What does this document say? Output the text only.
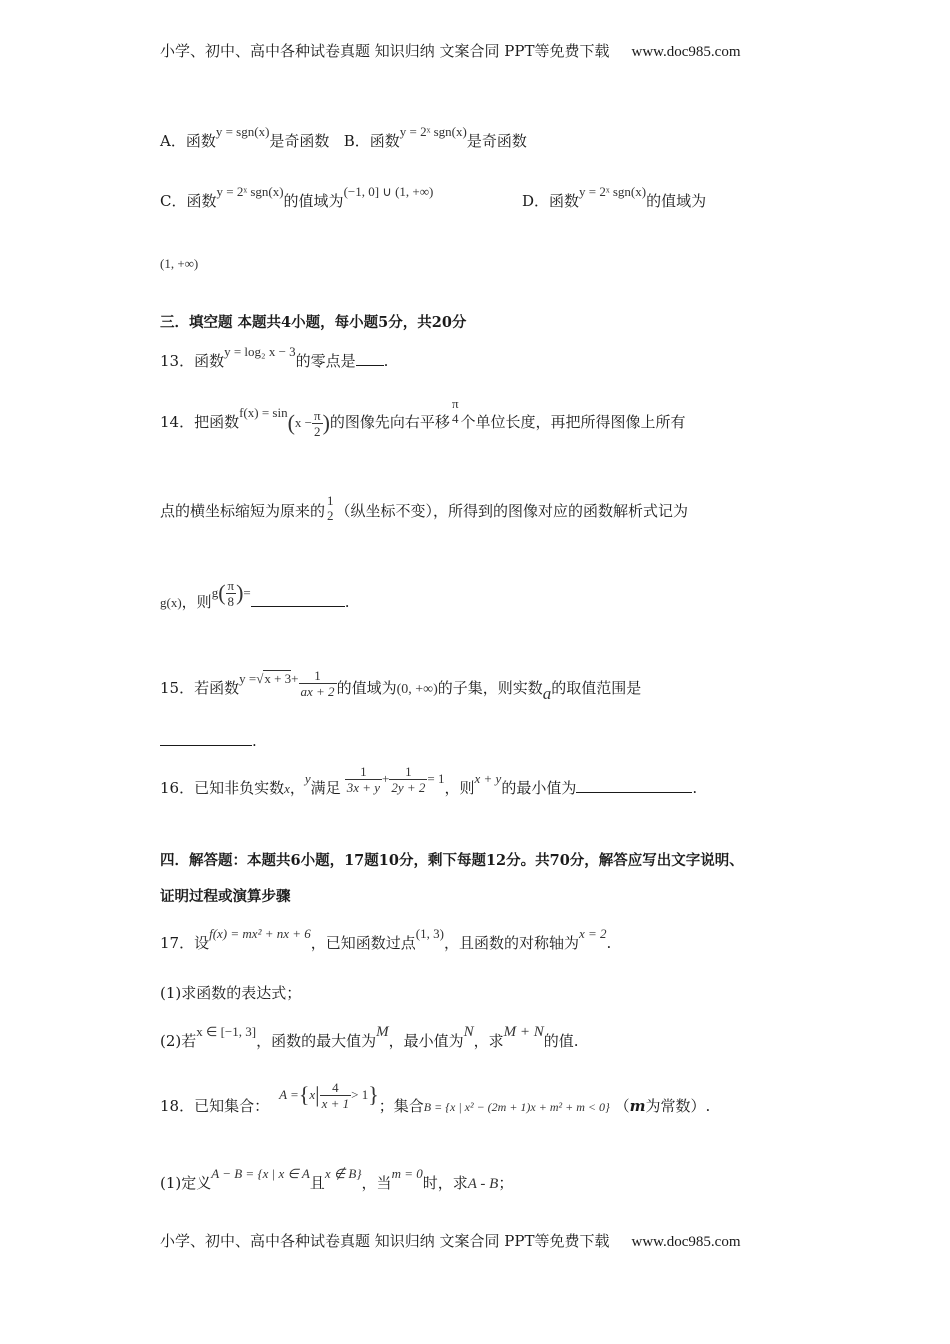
小学、初中、高中各种试卷真题 知识归纳 文案合同 PPT等免费下载 www.doc985.com
A．函数y = sgn(x)是奇函数 B．函数y = 2ˣ sgn(x)是奇函数
C．函数y = 2ˣ sgn(x)的值域为(−1, 0] ∪ (1, +∞)
D．函数y = 2ˣ sgn(x)的值域为
(1, +∞)
三．填空题 本题共4小题，每小题5分，共20分
13．函数y = log₂ x − 3的零点是 .
14．把函数$f(x) = \sin(x - \frac{\pi}{2}$ )的图像先向右平移
π
4 个单位长度，再把所得图像上所有
点的横坐标缩短为原来的
1
2 （纵坐标不变），所得到的图像对应的函数解析式记为
g(x)，则$g( \frac{\pi}{8}$ )=.
15．若函数$y =√x + 3+ \frac{1}{ax + 2}$ 的值域为(0, +∞)的子集，则实数a的取值范围是
.
16．已知非负实数x，y满足 $\frac{1}{3x + y} + \frac{1}{2y + 2} = 1$，则x + y的最小值为	.
四．解答题：本题共6小题，17题10分，剩下每题12分。共70分，解答应写出文字说明、
证明过程或演算步骤
17．设f(x) = mx² + nx + 6，已知函数过点(1, 3)，且函数的对称轴为x = 2.
(1)求函数的表达式；
(2)若x ∈ [−1, 3]，函数的最大值为M，最小值为N，求M + N的值.
18．已知集合：$A =\{x| \frac{4}{x + 1} > 1\}$；集合B = {x | x² − (2m + 1)x + m² + m < 0} （m为常数）.
(1)定义A − B = {x | x ∈ A且x ∉ B}，当m = 0时，求A - B；
小学、初中、高中各种试卷真题 知识归纳 文案合同 PPT等免费下载 www.doc985.com
